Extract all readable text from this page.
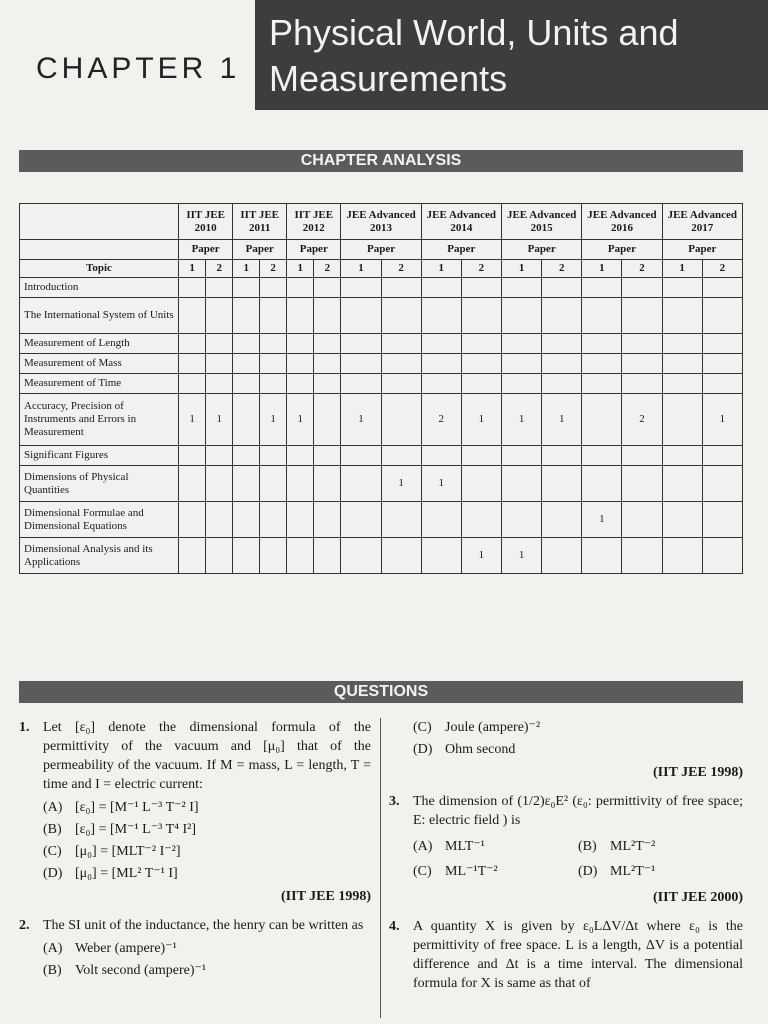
CHAPTER 1
Physical World, Units and
Measurements
CHAPTER ANALYSIS
	IIT JEE 2010		IIT JEE 2011		IIT JEE 2012		JEE Advanced 2013		JEE Advanced 2014		JEE Advanced 2015		JEE Advanced 2016		JEE Advanced 2017	
	Paper		Paper		Paper		Paper		Paper		Paper		Paper		Paper	
Topic	1	2	1	2	1	2	1	2	1	2	1	2	1	2	1	2
Introduction																
The International System of Units																
Measurement of Length																
Measurement of Mass																
Measurement of Time																
Accuracy, Precision of Instruments and Errors in Measurement	1	1		1	1		1		2	1	1	1		2		1
Significant Figures																
Dimensions of Physical Quantities								1	1							
Dimensional Formulae and Dimensional Equations													1			
Dimensional Analysis and its Applications										1	1					
QUESTIONS
1. Let [ε₀] denote the dimensional formula of the permittivity of the vacuum and [μ₀] that of the permeability of the vacuum. If M = mass, L = length, T = time and I = electric current:
(A) [ε₀] = [M⁻¹ L⁻³ T⁻² I]
(B) [ε₀] = [M⁻¹ L⁻³ T⁴ I²]
(C) [μ₀] = [MLT⁻² I⁻²]
(D) [μ₀] = [ML² T⁻¹ I]
(IIT JEE 1998)
2. The SI unit of the inductance, the henry can be written as
(A) Weber (ampere)⁻¹
(B) Volt second (ampere)⁻¹
(C) Joule (ampere)⁻²
(D) Ohm second
(IIT JEE 1998)
3. The dimension of (1/2)ε₀E² (ε₀: permittivity of free space; E: electric field ) is
(A) MLT⁻¹	(B) ML²T⁻²
(C) ML⁻¹T⁻²	(D) ML²T⁻¹
(IIT JEE 2000)
4. A quantity X is given by ε₀LΔV/Δt where ε₀ is the permittivity of free space. L is a length, ΔV is a potential difference and Δt is a time interval. The dimensional formula for X is same as that of
